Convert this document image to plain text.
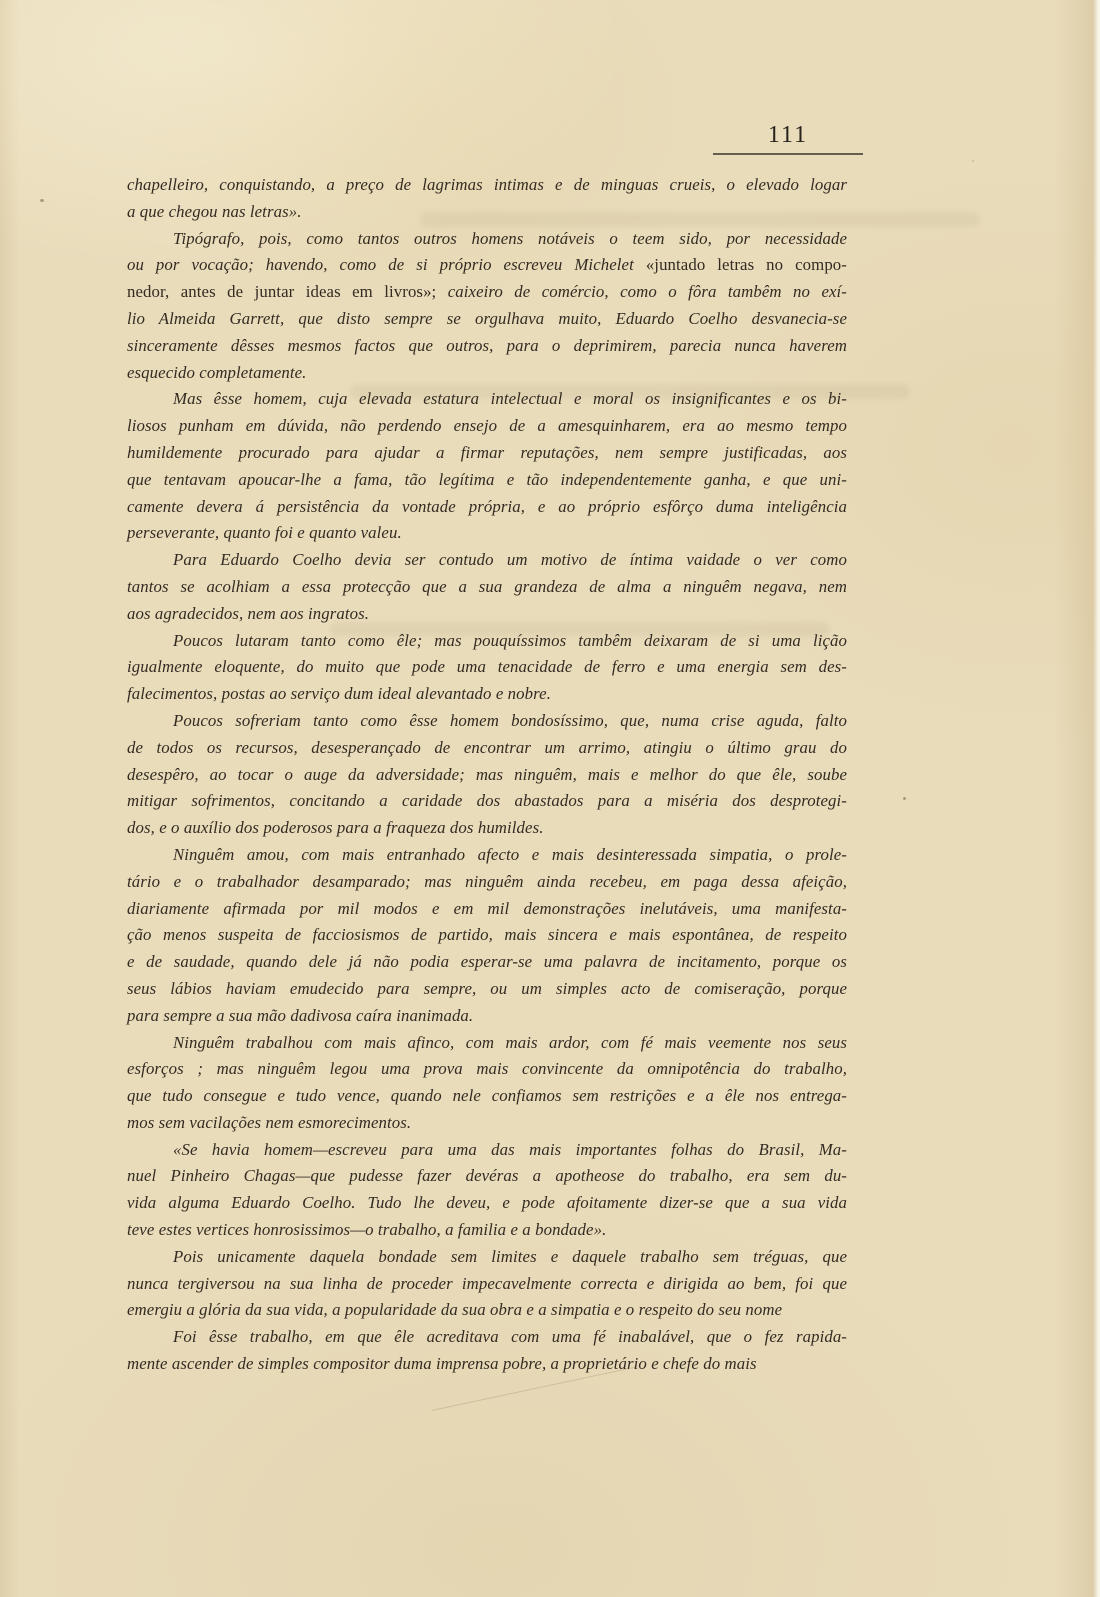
111
chapelleiro, conquistando, a preço de lagrimas intimas e de minguas crueis, o elevado logar
a que chegou nas letras».
Tipógrafo, pois, como tantos outros homens notáveis o teem sido, por necessidade
ou por vocação; havendo, como de si próprio escreveu Michelet «juntado letras no compo-
nedor, antes de juntar ideas em livros»; caixeiro de comércio, como o fôra tambêm no exí-
lio Almeida Garrett, que disto sempre se orgulhava muito, Eduardo Coelho desvanecia-se
sinceramente dêsses mesmos factos que outros, para o deprimirem, parecia nunca haverem
esquecido completamente.
Mas êsse homem, cuja elevada estatura intelectual e moral os insignificantes e os bi-
liosos punham em dúvida, não perdendo ensejo de a amesquinharem, era ao mesmo tempo
humildemente procurado para ajudar a firmar reputações, nem sempre justificadas, aos
que tentavam apoucar-lhe a fama, tão legítima e tão independentemente ganha, e que uni-
camente devera á persistência da vontade própria, e ao próprio esfôrço duma inteligência
perseverante, quanto foi e quanto valeu.
Para Eduardo Coelho devia ser contudo um motivo de íntima vaidade o ver como
tantos se acolhiam a essa protecção que a sua grandeza de alma a ninguêm negava, nem
aos agradecidos, nem aos ingratos.
Poucos lutaram tanto como êle; mas pouquíssimos tambêm deixaram de si uma lição
igualmente eloquente, do muito que pode uma tenacidade de ferro e uma energia sem des-
falecimentos, postas ao serviço dum ideal alevantado e nobre.
Poucos sofreriam tanto como êsse homem bondosíssimo, que, numa crise aguda, falto
de todos os recursos, desesperançado de encontrar um arrimo, atingiu o último grau do
desespêro, ao tocar o auge da adversidade; mas ninguêm, mais e melhor do que êle, soube
mitigar sofrimentos, concitando a caridade dos abastados para a miséria dos desprotegi-
dos, e o auxílio dos poderosos para a fraqueza dos humildes.
Ninguêm amou, com mais entranhado afecto e mais desinteressada simpatia, o prole-
tário e o trabalhador desamparado; mas ninguêm ainda recebeu, em paga dessa afeição,
diariamente afirmada por mil modos e em mil demonstrações inelutáveis, uma manifesta-
ção menos suspeita de facciosismos de partido, mais sincera e mais espontânea, de respeito
e de saudade, quando dele já não podia esperar-se uma palavra de incitamento, porque os
seus lábios haviam emudecido para sempre, ou um simples acto de comiseração, porque
para sempre a sua mão dadivosa caíra inanimada.
Ninguêm trabalhou com mais afinco, com mais ardor, com fé mais veemente nos seus
esforços ; mas ninguêm legou uma prova mais convincente da omnipotência do trabalho,
que tudo consegue e tudo vence, quando nele confiamos sem restrições e a êle nos entrega-
mos sem vacilações nem esmorecimentos.
«Se havia homem—escreveu para uma das mais importantes folhas do Brasil, Ma-
nuel Pinheiro Chagas—que pudesse fazer devéras a apotheose do trabalho, era sem du-
vida alguma Eduardo Coelho. Tudo lhe deveu, e pode afoitamente dizer-se que a sua vida
teve estes vertices honrosissimos—o trabalho, a familia e a bondade».
Pois unicamente daquela bondade sem limites e daquele trabalho sem tréguas, que
nunca tergiversou na sua linha de proceder impecavelmente correcta e dirigida ao bem, foi que
emergiu a glória da sua vida, a popularidade da sua obra e a simpatia e o respeito do seu nome
Foi êsse trabalho, em que êle acreditava com uma fé inabalável, que o fez rapida-
mente ascender de simples compositor duma imprensa pobre, a proprietário e chefe do mais
